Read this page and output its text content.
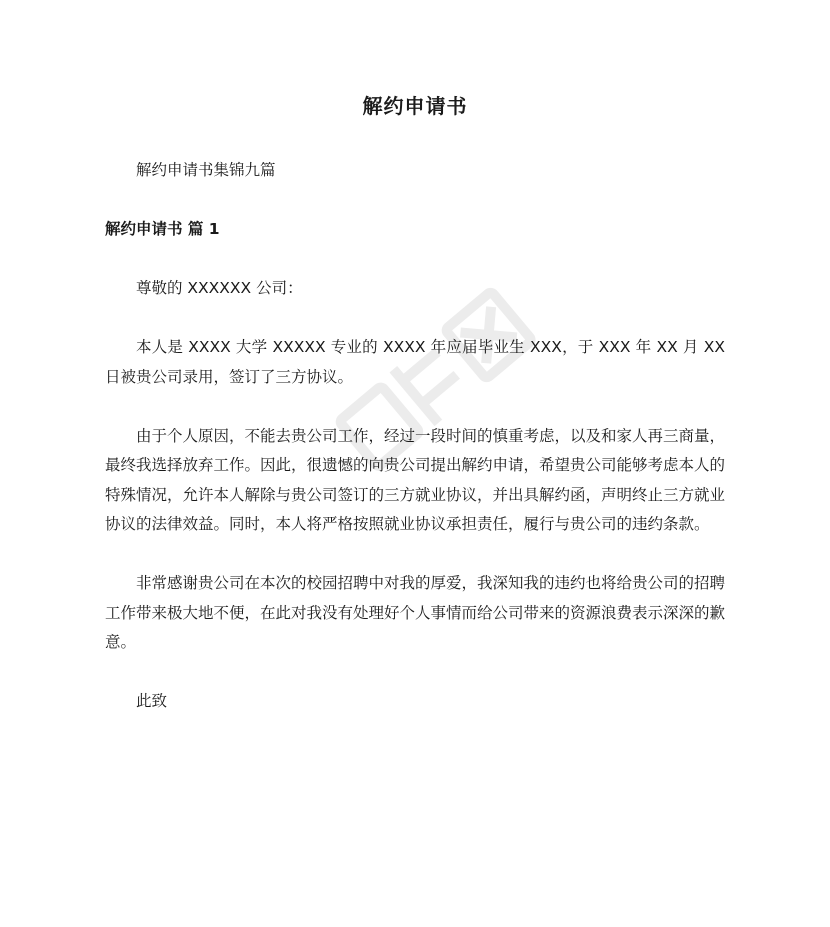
解约申请书

解约申请书集锦九篇

解约申请书 篇 1

尊敬的 XXXXXX 公司：

本人是 XXXX 大学 XXXXX 专业的 XXXX 年应届毕业生 XXX，于 XXX 年 XX 月 XX 日被贵公司录用，签订了三方协议。

由于个人原因，不能去贵公司工作，经过一段时间的慎重考虑，以及和家人再三商量，最终我选择放弃工作。因此，很遗憾的向贵公司提出解约申请，希望贵公司能够考虑本人的特殊情况，允许本人解除与贵公司签订的三方就业协议，并出具解约函，声明终止三方就业协议的法律效益。同时，本人将严格按照就业协议承担责任，履行与贵公司的违约条款。

非常感谢贵公司在本次的校园招聘中对我的厚爱，我深知我的违约也将给贵公司的招聘工作带来极大地不便，在此对我没有处理好个人事情而给公司带来的资源浪费表示深深的歉意。

此致
